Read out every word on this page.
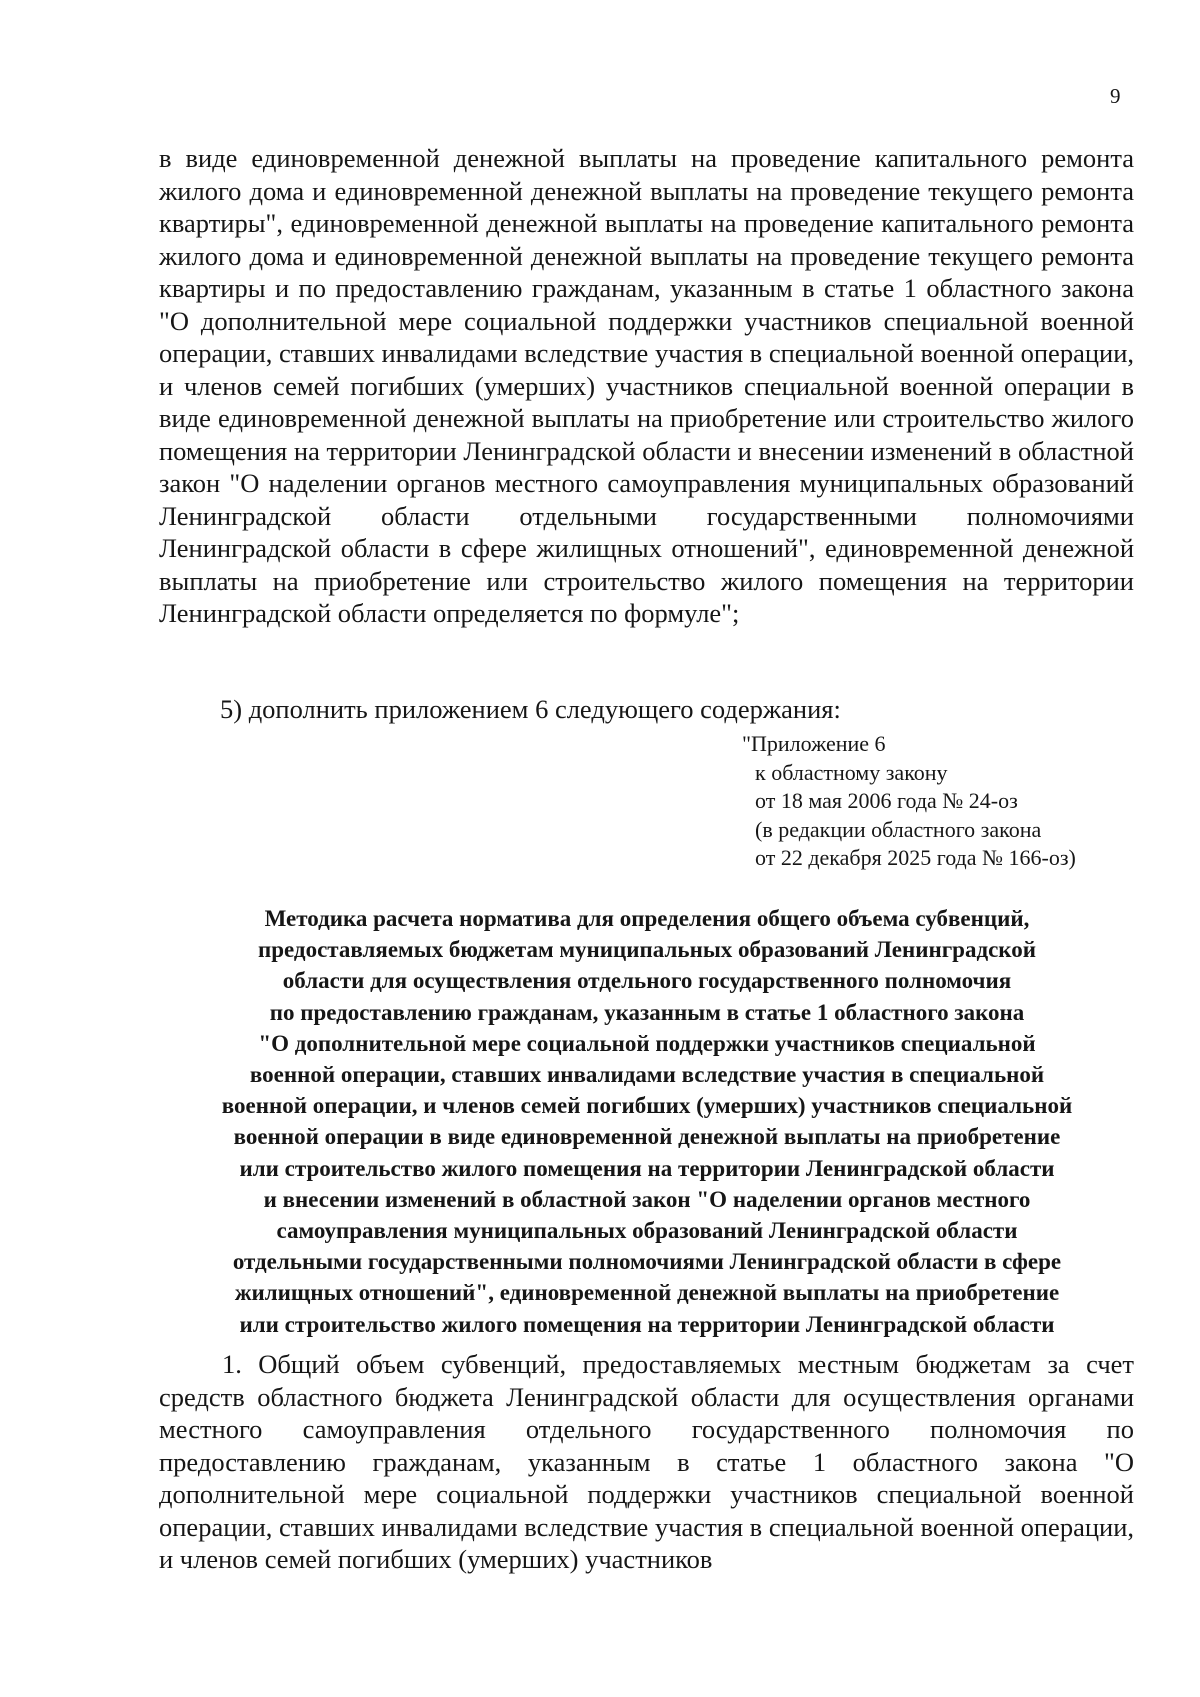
9
в виде единовременной денежной выплаты на проведение капитального ремонта жилого дома и единовременной денежной выплаты на проведение текущего ремонта квартиры", единовременной денежной выплаты на проведение капитального ремонта жилого дома и единовременной денежной выплаты на проведение текущего ремонта квартиры и по предоставлению гражданам, указанным в статье 1 областного закона "О дополнительной мере социальной поддержки участников специальной военной операции, ставших инвалидами вследствие участия в специальной военной операции, и членов семей погибших (умерших) участников специальной военной операции в виде единовременной денежной выплаты на приобретение или строительство жилого помещения на территории Ленинградской области и внесении изменений в областной закон "О наделении органов местного самоуправления муниципальных образований Ленинградской области отдельными государственными полномочиями Ленинградской области в сфере жилищных отношений", единовременной денежной выплаты на приобретение или строительство жилого помещения на территории Ленинградской области определяется по формуле";
5) дополнить приложением 6 следующего содержания:
"Приложение 6
к областному закону
от 18 мая 2006 года № 24-оз
(в редакции областного закона
от 22 декабря 2025 года № 166-оз)
Методика расчета норматива для определения общего объема субвенций,
предоставляемых бюджетам муниципальных образований Ленинградской
области для осуществления отдельного государственного полномочия
по предоставлению гражданам, указанным в статье 1 областного закона
"О дополнительной мере социальной поддержки участников специальной
военной операции, ставших инвалидами вследствие участия в специальной
военной операции, и членов семей погибших (умерших) участников специальной
военной операции в виде единовременной денежной выплаты на приобретение
или строительство жилого помещения на территории Ленинградской области
и внесении изменений в областной закон "О наделении органов местного
самоуправления муниципальных образований Ленинградской области
отдельными государственными полномочиями Ленинградской области в сфере
жилищных отношений", единовременной денежной выплаты на приобретение
или строительство жилого помещения на территории Ленинградской области
1. Общий объем субвенций, предоставляемых местным бюджетам за счет средств областного бюджета Ленинградской области для осуществления органами местного самоуправления отдельного государственного полномочия по предоставлению гражданам, указанным в статье 1 областного закона "О дополнительной мере социальной поддержки участников специальной военной операции, ставших инвалидами вследствие участия в специальной военной операции, и членов семей погибших (умерших) участников
